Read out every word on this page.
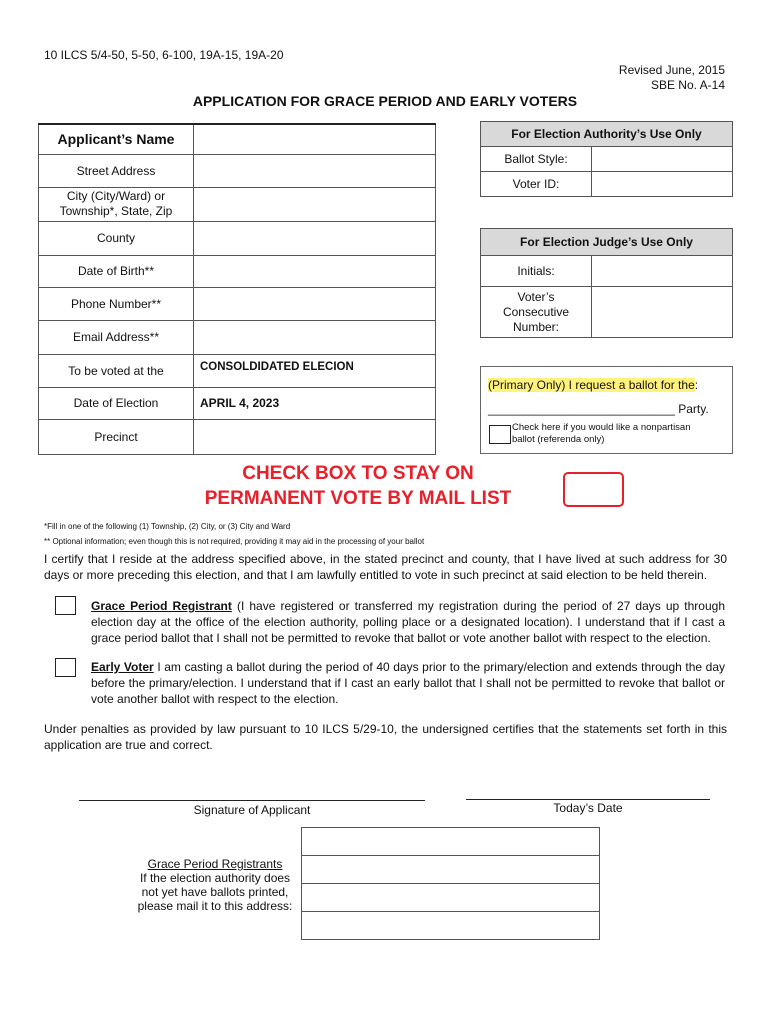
10 ILCS 5/4-50, 5-50, 6-100, 19A-15, 19A-20
Revised June, 2015
SBE No. A-14
APPLICATION FOR GRACE PERIOD AND EARLY VOTERS
Applicant’s Name	
Street Address	

City (City/Ward) or
Township*, State, Zip	

County	
Date of Birth**	
Phone Number**	
Email Address**	
To be voted at the	CONSOLDIDATED ELECION
Date of Election	APRIL 4, 2023
Precinct	
For Election Authority’s Use Only
Ballot Style:
Voter ID:
For Election Judge’s Use Only
Initials:
Voter’s
Consecutive
Number:
(Primary Only) I request a ballot for the:
____________________________ Party.
Check here if you would like a nonpartisan
ballot (referenda only)
CHECK BOX TO STAY ON
PERMANENT VOTE BY MAIL LIST
*Fill in one of the following (1) Township, (2) City, or (3) City and Ward
** Optional information; even though this is not required, providing it may aid in the processing of your ballot
I certify that I reside at the address specified above, in the stated precinct and county, that I have lived at such address for 30 days or more preceding this election, and that I am lawfully entitled to vote in such precinct at said election to be held therein.
Grace Period Registrant (I have registered or transferred my registration during the period of 27 days up through election day at the office of the election authority, polling place or a designated location). I understand that if I cast a grace period ballot that I shall not be permitted to revoke that ballot or vote another ballot with respect to the election.
Early Voter I am casting a ballot during the period of 40 days prior to the primary/election and extends through the day before the primary/election. I understand that if I cast an early ballot that I shall not be permitted to revoke that ballot or vote another ballot with respect to the election.
Under penalties as provided by law pursuant to 10 ILCS 5/29-10, the undersigned certifies that the statements set forth in this application are true and correct.
Signature of Applicant	Today’s Date
Grace Period Registrants
If the election authority does
not yet have ballots printed,
please mail it to this address:
